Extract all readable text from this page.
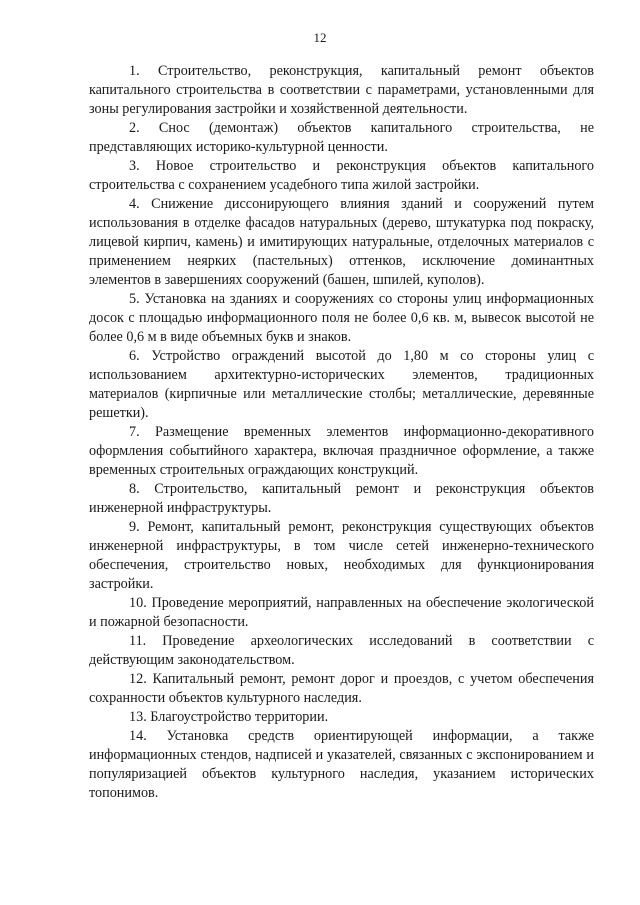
12

1. Строительство, реконструкция, капитальный ремонт объектов капитального строительства в соответствии с параметрами, установленными для зоны регулирования застройки и хозяйственной деятельности.

2. Снос (демонтаж) объектов капитального строительства, не представляющих историко-культурной ценности.

3. Новое строительство и реконструкция объектов капитального строительства с сохранением усадебного типа жилой застройки.

4. Снижение диссонирующего влияния зданий и сооружений путем использования в отделке фасадов натуральных (дерево, штукатурка под покраску, лицевой кирпич, камень) и имитирующих натуральные, отделочных материалов с применением неярких (пастельных) оттенков, исключение доминантных элементов в завершениях сооружений (башен, шпилей, куполов).

5. Установка на зданиях и сооружениях со стороны улиц информационных досок с площадью информационного поля не более 0,6 кв. м, вывесок высотой не более 0,6 м в виде объемных букв и знаков.

6. Устройство ограждений высотой до 1,80 м со стороны улиц с использованием архитектурно-исторических элементов, традиционных материалов (кирпичные или металлические столбы; металлические, деревянные решетки).

7. Размещение временных элементов информационно-декоративного оформления событийного характера, включая праздничное оформление, а также временных строительных ограждающих конструкций.

8. Строительство, капитальный ремонт и реконструкция объектов инженерной инфраструктуры.

9. Ремонт, капитальный ремонт, реконструкция существующих объектов инженерной инфраструктуры, в том числе сетей инженерно-технического обеспечения, строительство новых, необходимых для функционирования застройки.

10. Проведение мероприятий, направленных на обеспечение экологической и пожарной безопасности.

11. Проведение археологических исследований в соответствии с действующим законодательством.

12. Капитальный ремонт, ремонт дорог и проездов, с учетом обеспечения сохранности объектов культурного наследия.

13. Благоустройство территории.

14. Установка средств ориентирующей информации, а также информационных стендов, надписей и указателей, связанных с экспонированием и популяризацией объектов культурного наследия, указанием исторических топонимов.
